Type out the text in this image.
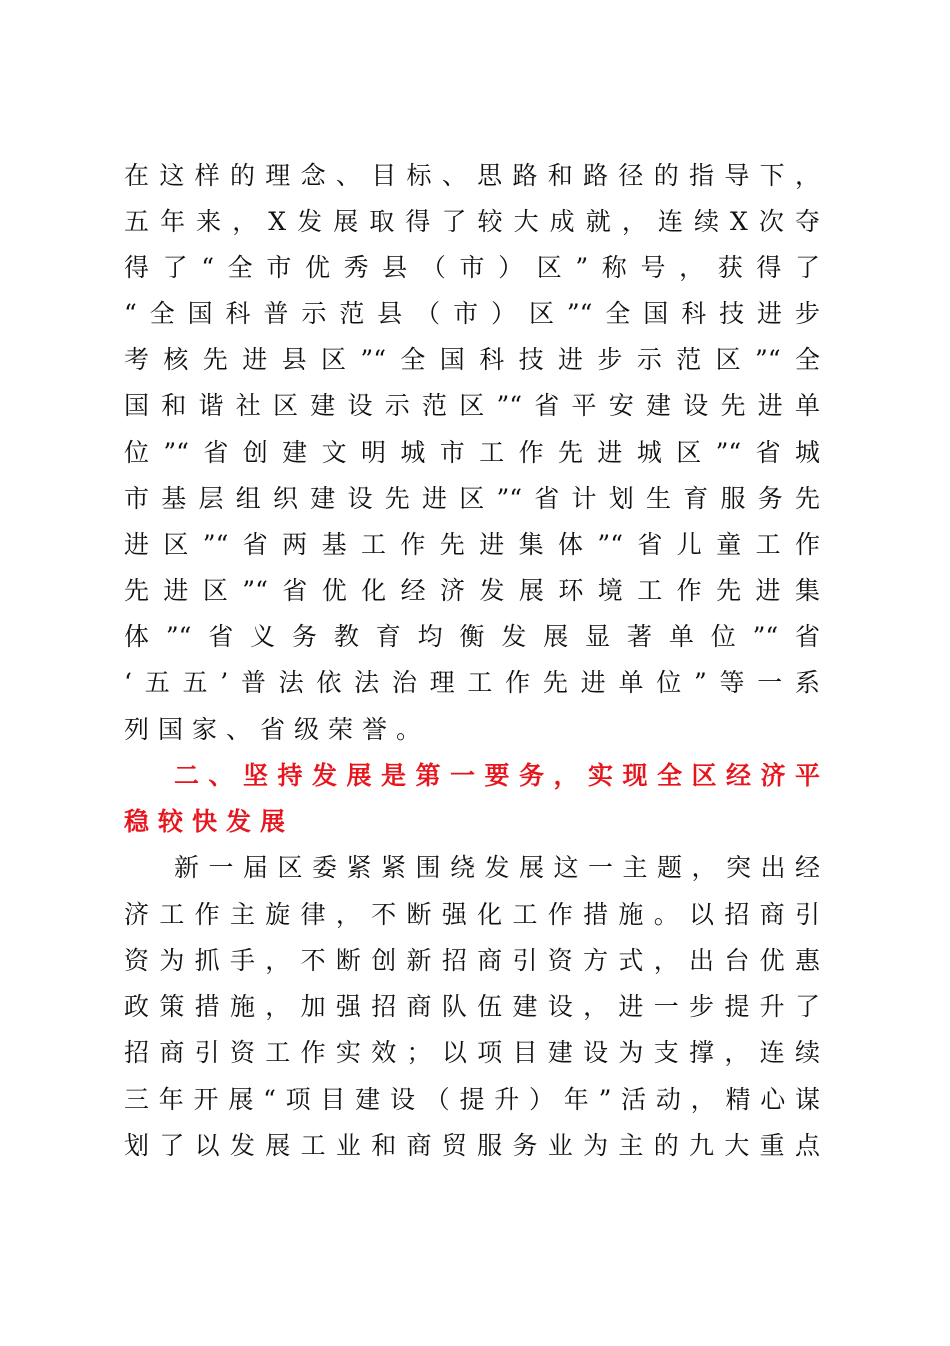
在这样的理念、目标、思路和路径的指导下，
五年来，X发展取得了较大成就，连续X次夺
得了“全市优秀县（市）区”称号，获得了
“全国科普示范县（市）区”“全国科技进步
考核先进县区”“全国科技进步示范区”“全
国和谐社区建设示范区”“省平安建设先进单
位”“省创建文明城市工作先进城区”“省城
市基层组织建设先进区”“省计划生育服务先
进区”“省两基工作先进集体”“省儿童工作
先进区”“省优化经济发展环境工作先进集
体”“省义务教育均衡发展显著单位”“省
‘五五’普法依法治理工作先进单位”等一系
列国家、省级荣誉。
二、坚持发展是第一要务，实现全区经济平
稳较快发展
新一届区委紧紧围绕发展这一主题，突出经
济工作主旋律，不断强化工作措施。以招商引
资为抓手，不断创新招商引资方式，出台优惠
政策措施，加强招商队伍建设，进一步提升了
招商引资工作实效；以项目建设为支撑，连续
三年开展“项目建设（提升）年”活动，精心谋
划了以发展工业和商贸服务业为主的九大重点
